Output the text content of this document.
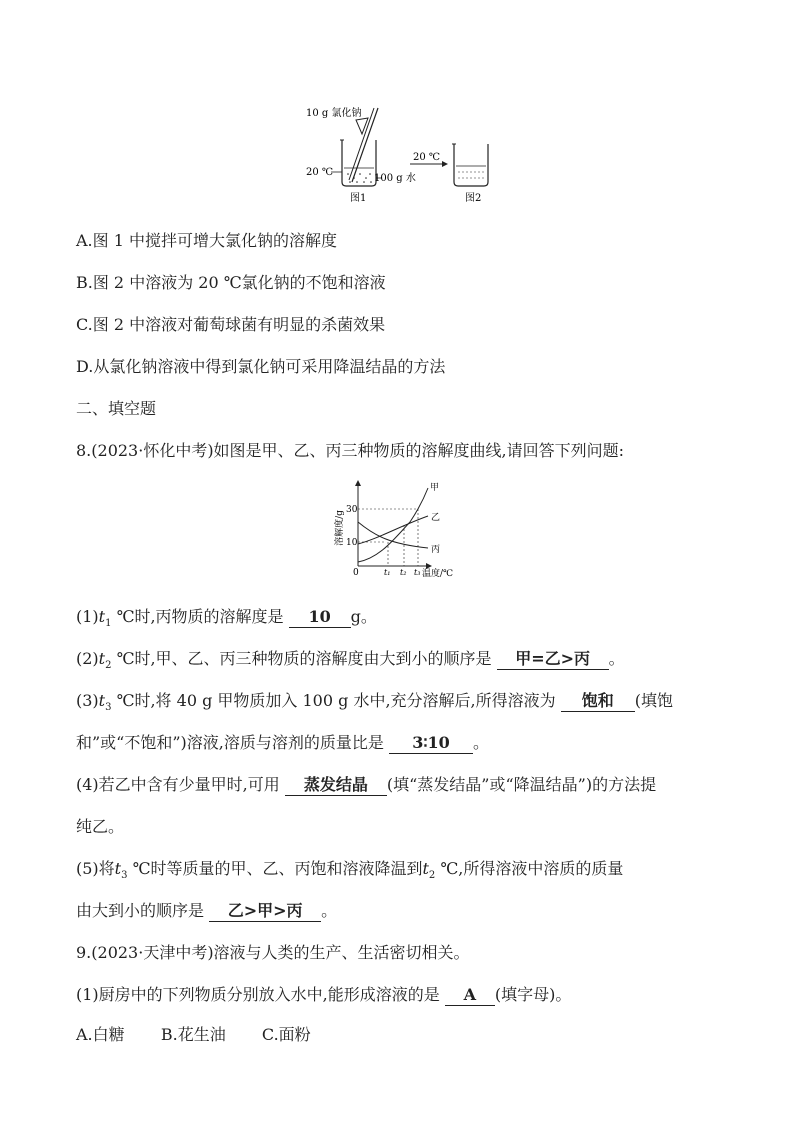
10 g 氯化钠
20 ℃
100 g 水
图1
20 ℃
图2
A.图 1 中搅拌可增大氯化钠的溶解度
B.图 2 中溶液为 20 ℃氯化钠的不饱和溶液
C.图 2 中溶液对葡萄球菌有明显的杀菌效果
D.从氯化钠溶液中得到氯化钠可采用降温结晶的方法
二、填空题
8.(2023·怀化中考)如图是甲、乙、丙三种物质的溶解度曲线,请回答下列问题:
溶解度/g
温度/℃
30
10
0	t₁ t₂ t₃
甲
乙
丙
$(1)t_1$ ℃时,丙物质的溶解度是 10 g。
$(2)t_2$ ℃时,甲、乙、丙三种物质的溶解度由大到小的顺序是 甲=乙>丙 。
$(3)t_3$ ℃时,将 40 g 甲物质加入 100 g 水中,充分溶解后,所得溶液为 饱和 (填饱
和”或“不饱和”)溶液,溶质与溶剂的质量比是 3∶10 。
(4)若乙中含有少量甲时,可用 蒸发结晶 (填“蒸发结晶”或“降温结晶”)的方法提
纯乙。
(5)将$t_3$ ℃时等质量的甲、乙、丙饱和溶液降温到$t_2$ ℃,所得溶液中溶质的质量
由大到小的顺序是 乙>甲>丙 。
9.(2023·天津中考)溶液与人类的生产、生活密切相关。
(1)厨房中的下列物质分别放入水中,能形成溶液的是 A (填字母)。
A.白糖 B.花生油 C.面粉
